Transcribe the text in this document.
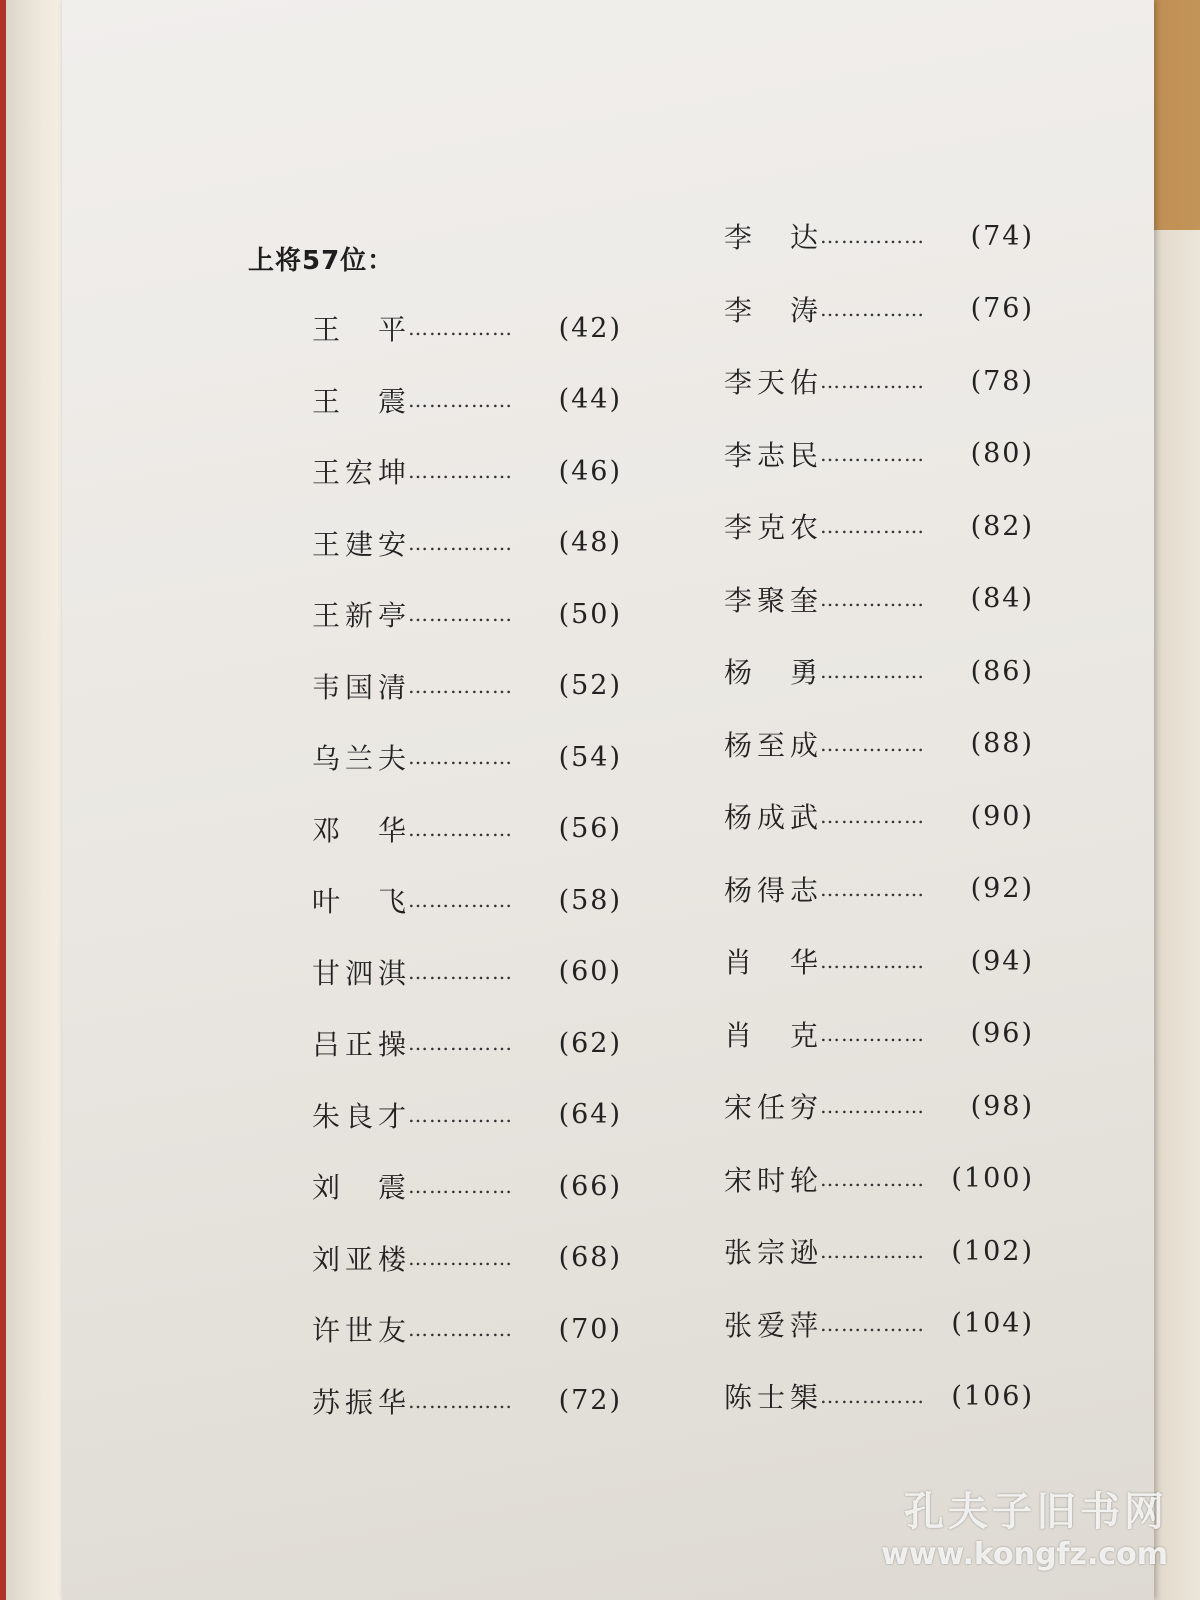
上将57位：
王　平 ……………	(42)
王　震 ……………	(44)
王宏坤 ……………	(46)
王建安 ……………	(48)
王新亭 ……………	(50)
韦国清 ……………	(52)
乌兰夫 ……………	(54)
邓　华 ……………	(56)
叶　飞 ……………	(58)
甘泗淇 ……………	(60)
吕正操 ……………	(62)
朱良才 ……………	(64)
刘　震 ……………	(66)
刘亚楼 ……………	(68)
许世友 ……………	(70)
苏振华 ……………	(72)
李　达 ……………	(74)
李　涛 ……………	(76)
李天佑 ……………	(78)
李志民 ……………	(80)
李克农 ……………	(82)
李聚奎 ……………	(84)
杨　勇 ……………	(86)
杨至成 ……………	(88)
杨成武 ……………	(90)
杨得志 ……………	(92)
肖　华 ……………	(94)
肖　克 ……………	(96)
宋任穷 ……………	(98)
宋时轮 …………… (100)
张宗逊 …………… (102)
张爱萍 …………… (104)
陈士榘 …………… (106)
孔夫子旧书网
www.kongfz.com
